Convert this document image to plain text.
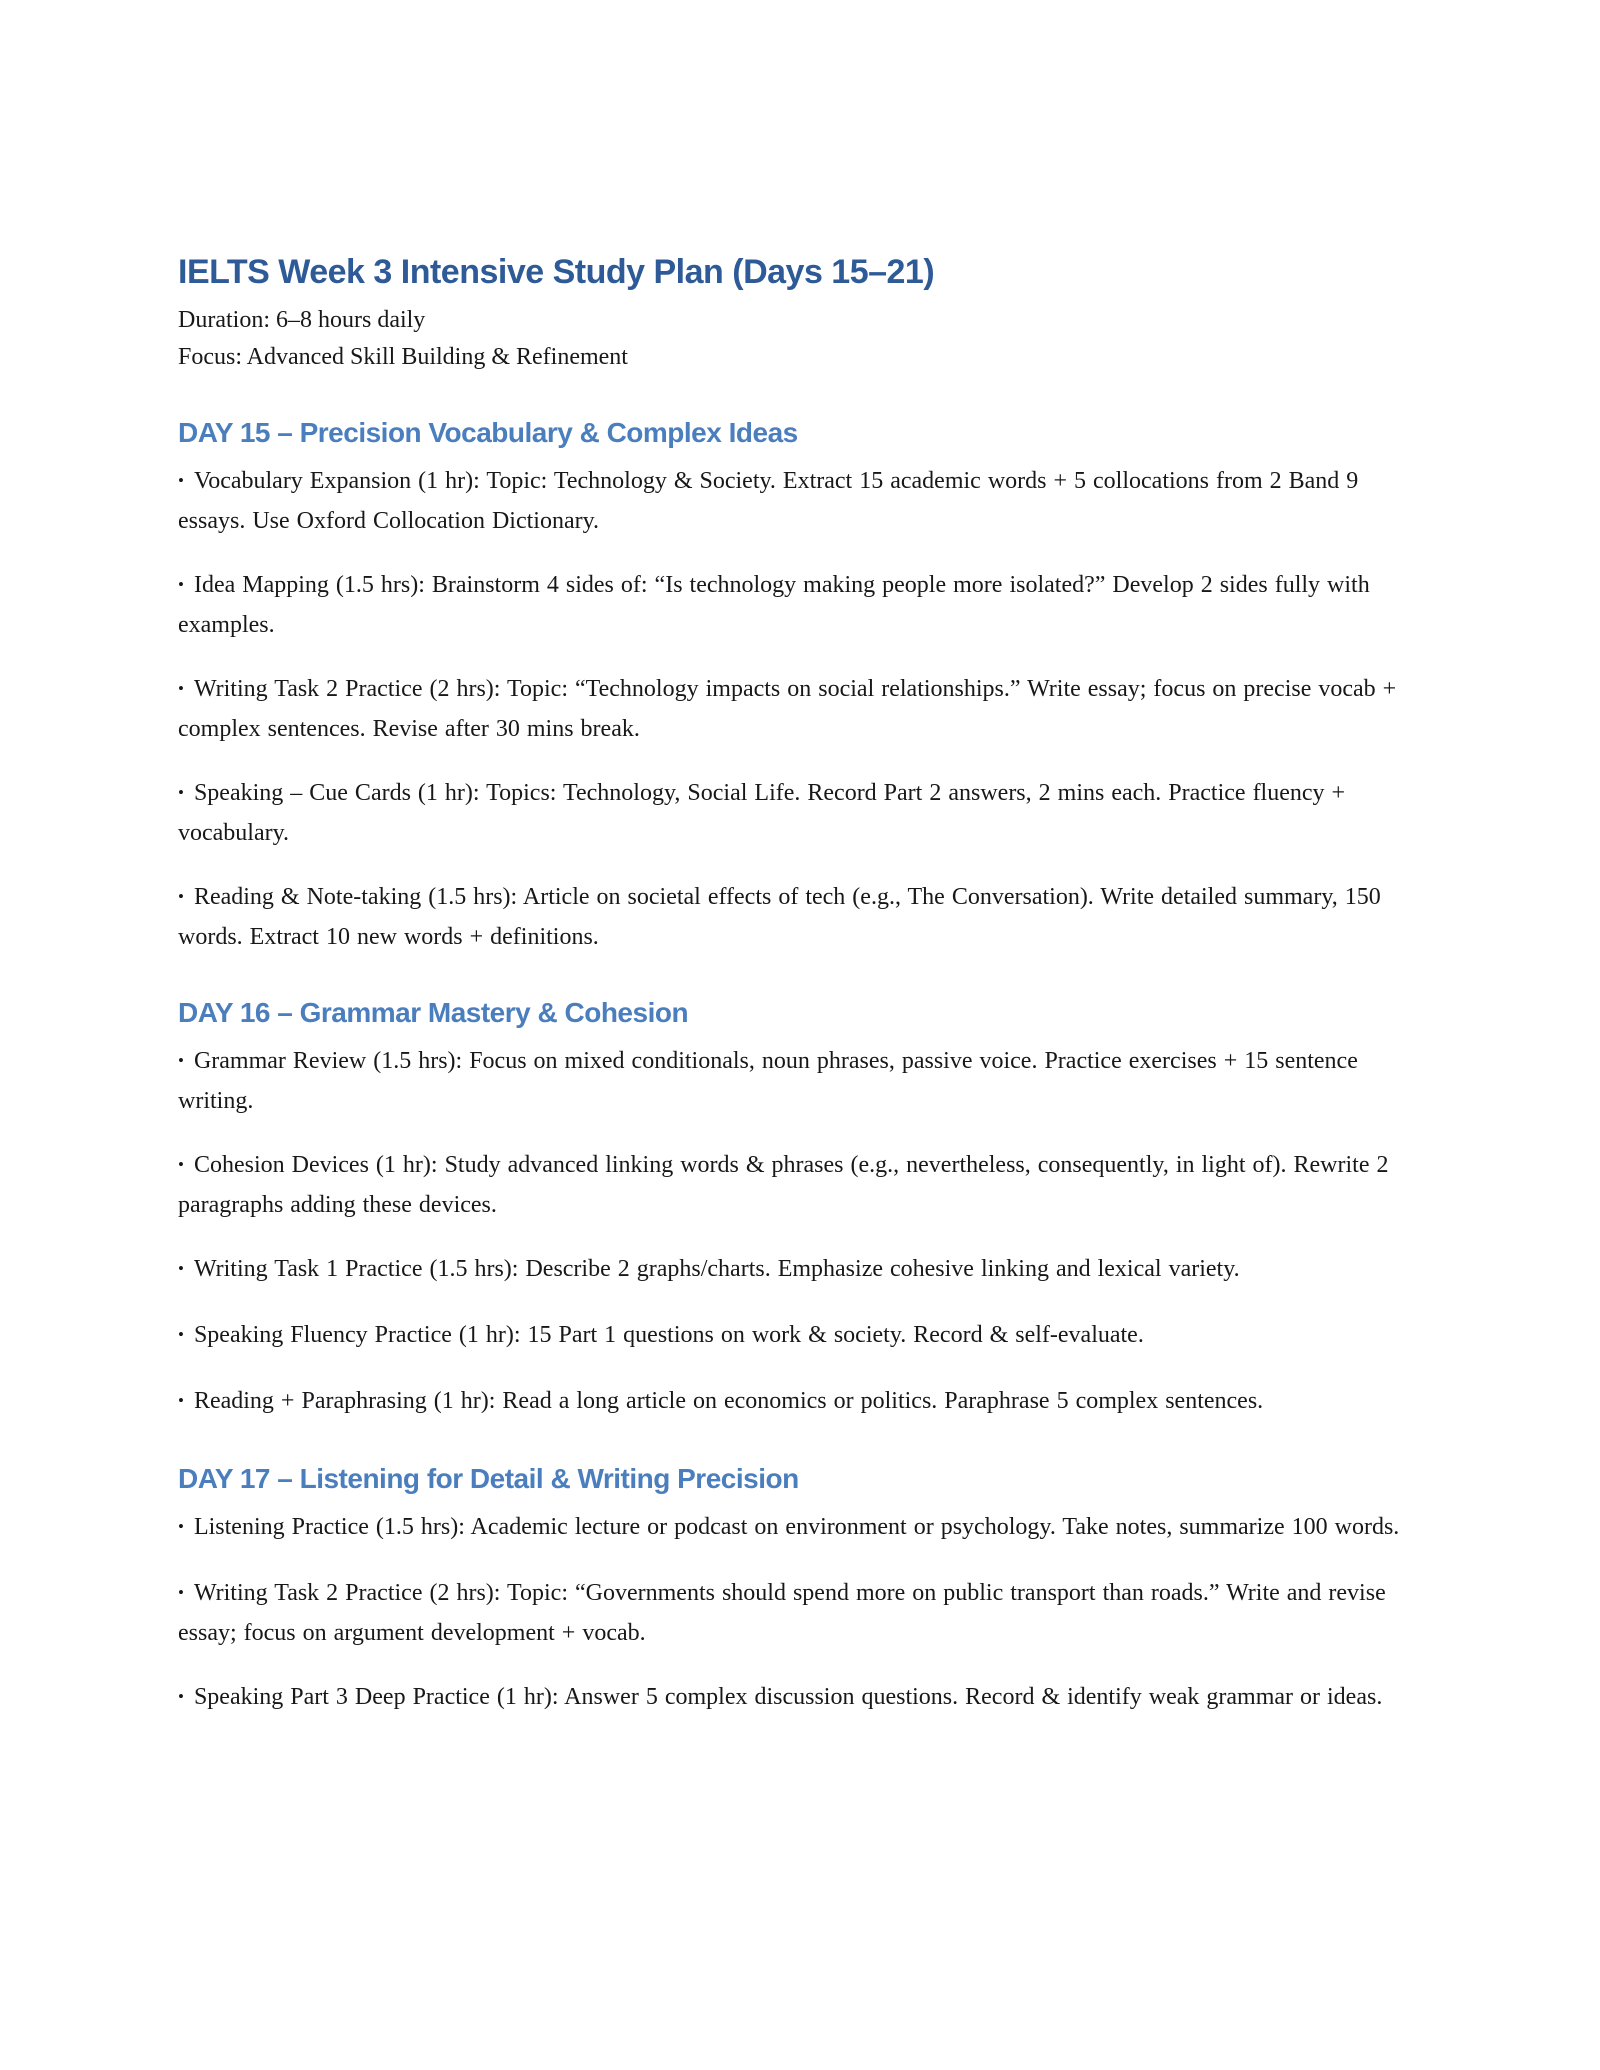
IELTS Week 3 Intensive Study Plan (Days 15–21)

Duration: 6–8 hours daily

Focus: Advanced Skill Building & Refinement

DAY 15 – Precision Vocabulary & Complex Ideas

• Vocabulary Expansion (1 hr): Topic: Technology & Society. Extract 15 academic words + 5 collocations from 2 Band 9 essays. Use Oxford Collocation Dictionary.

• Idea Mapping (1.5 hrs): Brainstorm 4 sides of: “Is technology making people more isolated?” Develop 2 sides fully with examples.

• Writing Task 2 Practice (2 hrs): Topic: “Technology impacts on social relationships.” Write essay; focus on precise vocab + complex sentences. Revise after 30 mins break.

• Speaking – Cue Cards (1 hr): Topics: Technology, Social Life. Record Part 2 answers, 2 mins each. Practice fluency + vocabulary.

• Reading & Note-taking (1.5 hrs): Article on societal effects of tech (e.g., The Conversation). Write detailed summary, 150 words. Extract 10 new words + definitions.

DAY 16 – Grammar Mastery & Cohesion

• Grammar Review (1.5 hrs): Focus on mixed conditionals, noun phrases, passive voice. Practice exercises + 15 sentence writing.

• Cohesion Devices (1 hr): Study advanced linking words & phrases (e.g., nevertheless, consequently, in light of). Rewrite 2 paragraphs adding these devices.

• Writing Task 1 Practice (1.5 hrs): Describe 2 graphs/charts. Emphasize cohesive linking and lexical variety.

• Speaking Fluency Practice (1 hr): 15 Part 1 questions on work & society. Record & self-evaluate.

• Reading + Paraphrasing (1 hr): Read a long article on economics or politics. Paraphrase 5 complex sentences.

DAY 17 – Listening for Detail & Writing Precision

• Listening Practice (1.5 hrs): Academic lecture or podcast on environment or psychology. Take notes, summarize 100 words.

• Writing Task 2 Practice (2 hrs): Topic: “Governments should spend more on public transport than roads.” Write and revise essay; focus on argument development + vocab.

• Speaking Part 3 Deep Practice (1 hr): Answer 5 complex discussion questions. Record & identify weak grammar or ideas.
